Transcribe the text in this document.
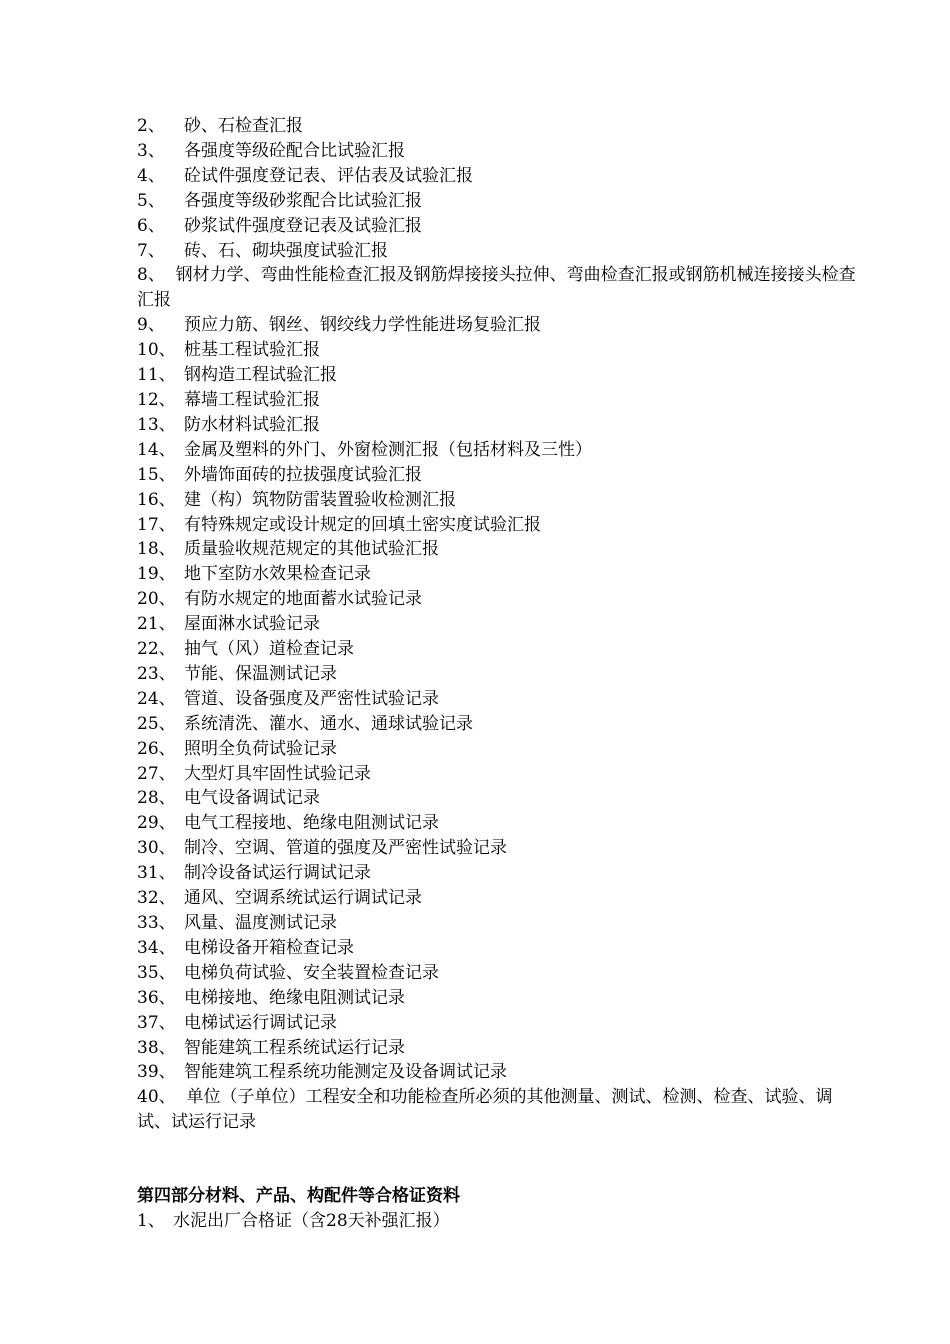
2、	砂、石检查汇报
3、	各强度等级砼配合比试验汇报
4、	砼试件强度登记表、评估表及试验汇报
5、	各强度等级砂浆配合比试验汇报
6、	砂浆试件强度登记表及试验汇报
7、	砖、石、砌块强度试验汇报
8、 钢材力学、弯曲性能检查汇报及钢筋焊接接头拉伸、弯曲检查汇报或钢筋机械连接接头检查汇报
9、	预应力筋、钢丝、钢绞线力学性能进场复验汇报
10、 桩基工程试验汇报
11、 钢构造工程试验汇报
12、 幕墙工程试验汇报
13、 防水材料试验汇报
14、 金属及塑料的外门、外窗检测汇报（包括材料及三性）
15、 外墙饰面砖的拉拔强度试验汇报
16、 建（构）筑物防雷装置验收检测汇报
17、 有特殊规定或设计规定的回填土密实度试验汇报
18、 质量验收规范规定的其他试验汇报
19、 地下室防水效果检查记录
20、 有防水规定的地面蓄水试验记录
21、 屋面淋水试验记录
22、 抽气（风）道检查记录
23、 节能、保温测试记录
24、 管道、设备强度及严密性试验记录
25、 系统清洗、灌水、通水、通球试验记录
26、 照明全负荷试验记录
27、 大型灯具牢固性试验记录
28、 电气设备调试记录
29、 电气工程接地、绝缘电阻测试记录
30、 制冷、空调、管道的强度及严密性试验记录
31、 制冷设备试运行调试记录
32、 通风、空调系统试运行调试记录
33、 风量、温度测试记录
34、 电梯设备开箱检查记录
35、 电梯负荷试验、安全装置检查记录
36、 电梯接地、绝缘电阻测试记录
37、 电梯试运行调试记录
38、 智能建筑工程系统试运行记录
39、 智能建筑工程系统功能测定及设备调试记录
40、 单位（子单位）工程安全和功能检查所必须的其他测量、测试、检测、检查、试验、调试、试运行记录
第四部分材料、产品、构配件等合格证资料
1、 水泥出厂合格证（含28天补强汇报）
